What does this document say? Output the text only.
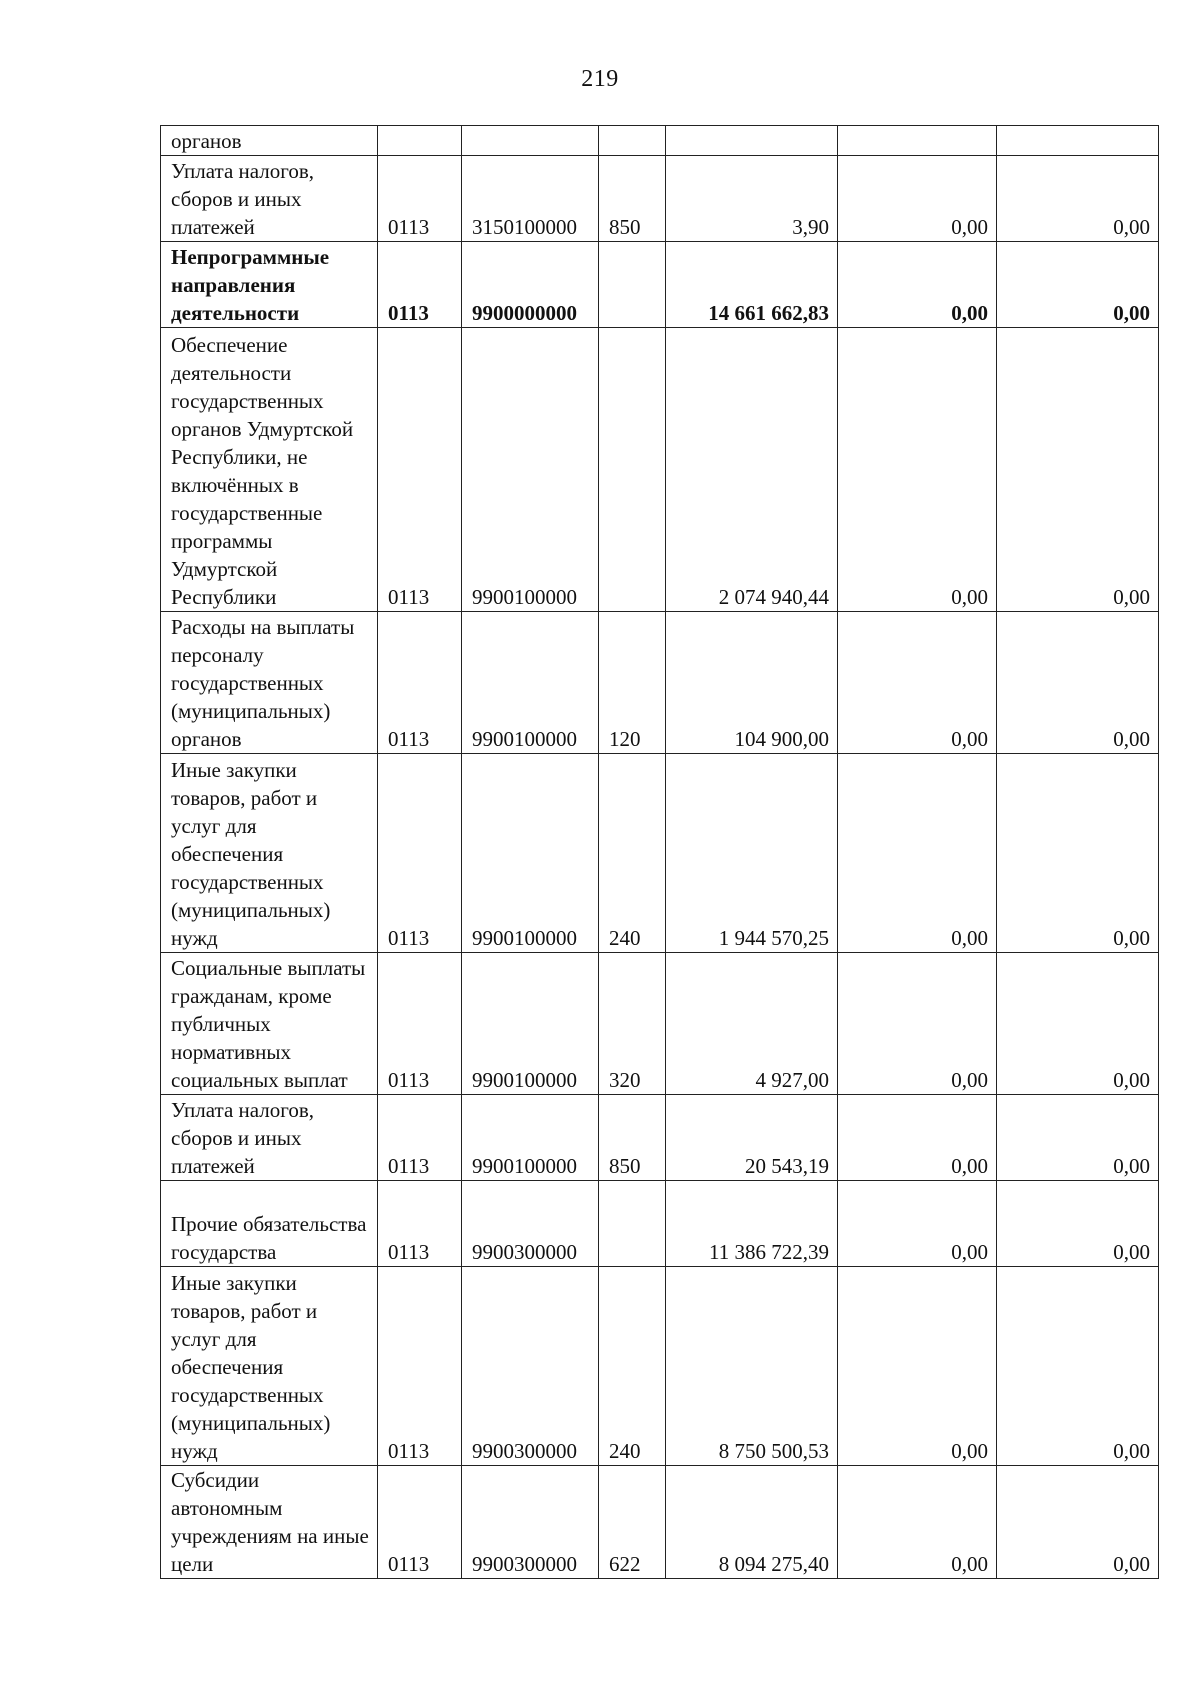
219
органов						
Уплата налогов, сборов и иных платежей	0113	3150100000	850	3,90	0,00	0,00
Непрограммные направления деятельности	0113	9900000000		14 661 662,83	0,00	0,00
Обеспечение деятельности государственных органов Удмуртской Республики, не включённых в государственные программы Удмуртской Республики	0113	9900100000		2 074 940,44	0,00	0,00
Расходы на выплаты персоналу государственных (муниципальных) органов	0113	9900100000	120	104 900,00	0,00	0,00
Иные закупки товаров, работ и услуг для обеспечения государственных (муниципальных) нужд	0113	9900100000	240	1 944 570,25	0,00	0,00
Социальные выплаты гражданам, кроме публичных нормативных социальных выплат	0113	9900100000	320	4 927,00	0,00	0,00
Уплата налогов, сборов и иных платежей	0113	9900100000	850	20 543,19	0,00	0,00
Прочие обязательства государства	0113	9900300000		11 386 722,39	0,00	0,00
Иные закупки товаров, работ и услуг для обеспечения государственных (муниципальных) нужд	0113	9900300000	240	8 750 500,53	0,00	0,00
Субсидии автономным учреждениям на иные цели	0113	9900300000	622	8 094 275,40	0,00	0,00
